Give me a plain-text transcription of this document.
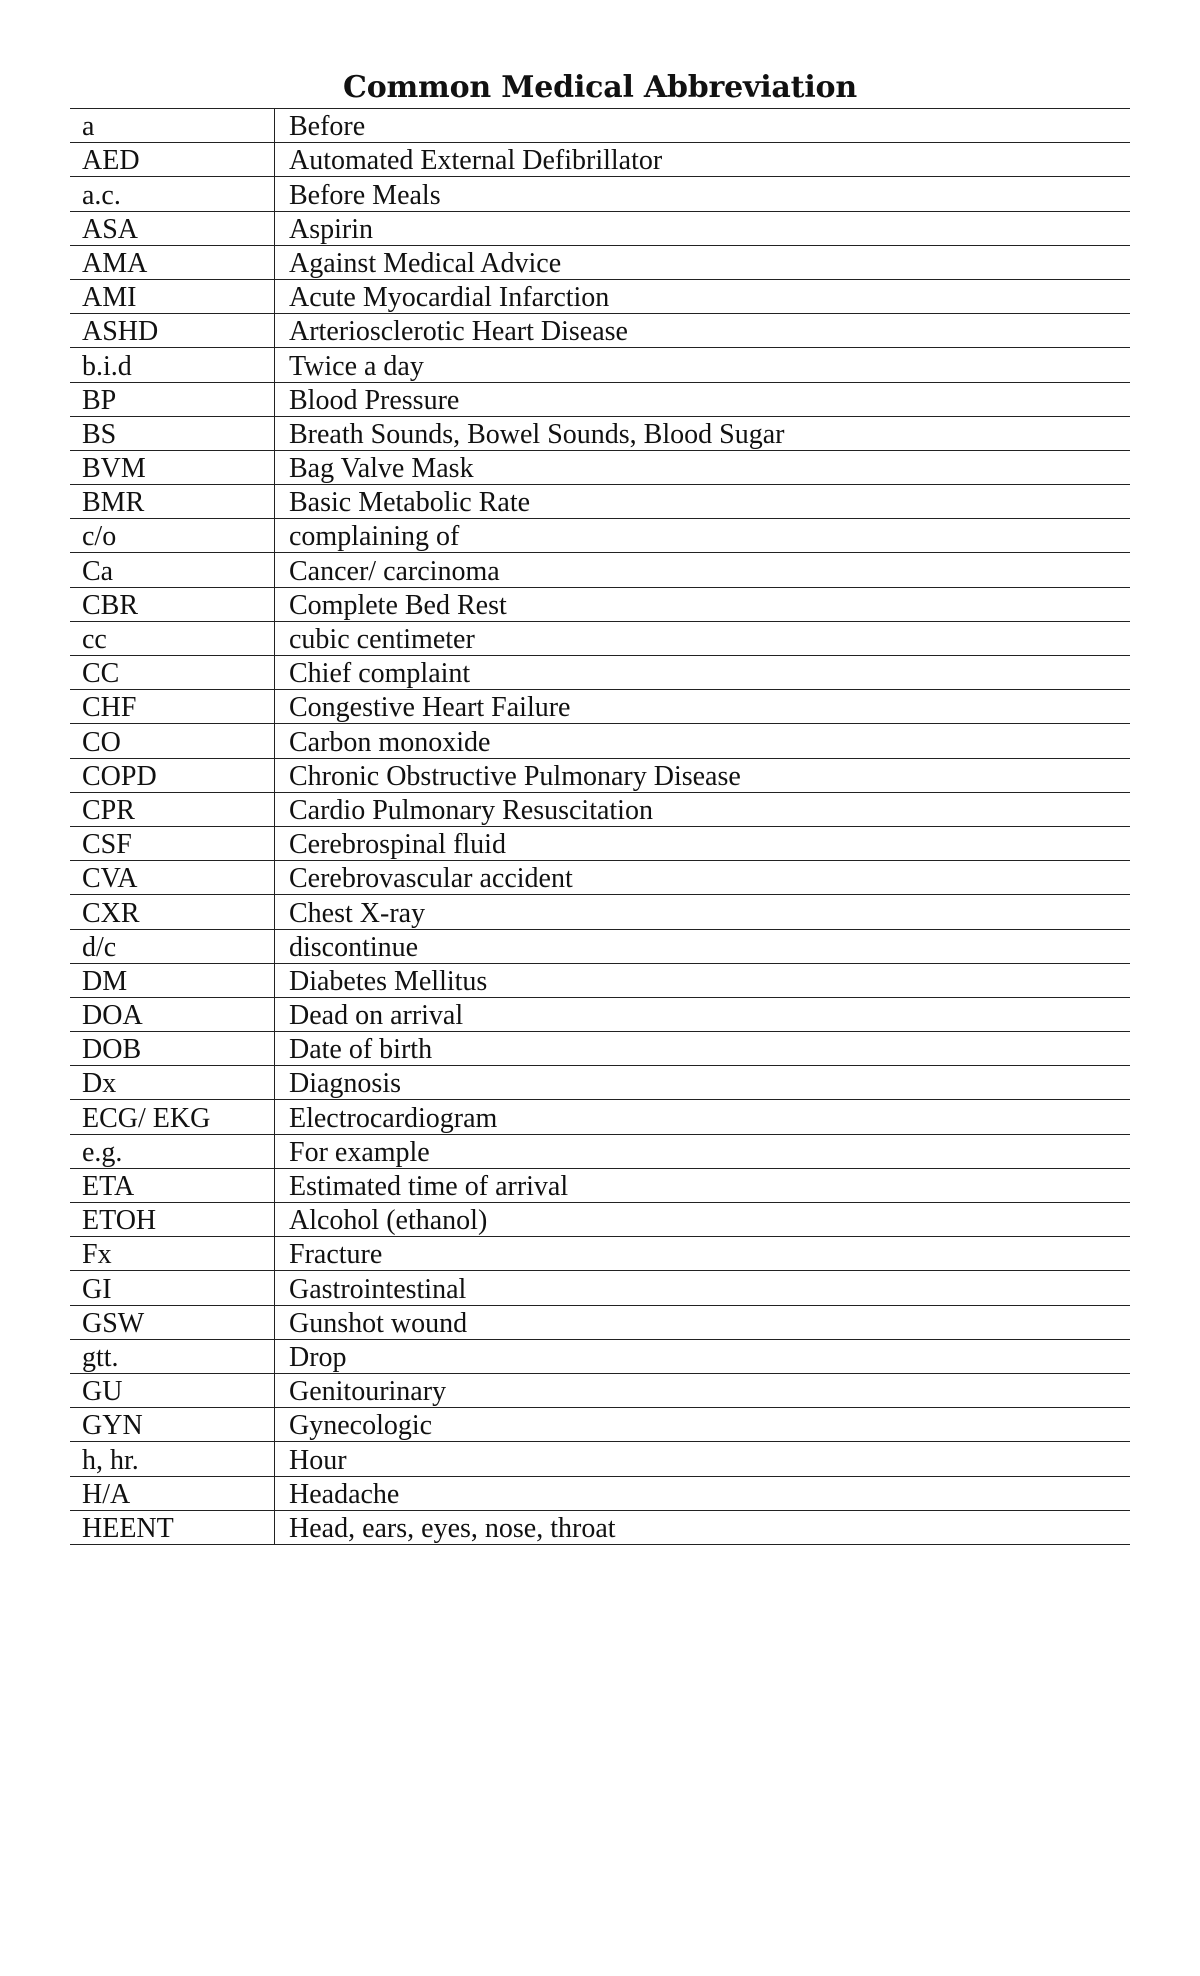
Common Medical Abbreviation
a	Before
AED	Automated External Defibrillator
a.c.	Before Meals
ASA	Aspirin
AMA	Against Medical Advice
AMI	Acute Myocardial Infarction
ASHD	Arteriosclerotic Heart Disease
b.i.d	Twice a day
BP	Blood Pressure
BS	Breath Sounds, Bowel Sounds, Blood Sugar
BVM	Bag Valve Mask
BMR	Basic Metabolic Rate
c/o	complaining of
Ca	Cancer/ carcinoma
CBR	Complete Bed Rest
cc	cubic centimeter
CC	Chief complaint
CHF	Congestive Heart Failure
CO	Carbon monoxide
COPD	Chronic Obstructive Pulmonary Disease
CPR	Cardio Pulmonary Resuscitation
CSF	Cerebrospinal fluid
CVA	Cerebrovascular accident
CXR	Chest X-ray
d/c	discontinue
DM	Diabetes Mellitus
DOA	Dead on arrival
DOB	Date of birth
Dx	Diagnosis
ECG/ EKG	Electrocardiogram
e.g.	For example
ETA	Estimated time of arrival
ETOH	Alcohol (ethanol)
Fx	Fracture
GI	Gastrointestinal
GSW	Gunshot wound
gtt.	Drop
GU	Genitourinary
GYN	Gynecologic
h, hr.	Hour
H/A	Headache
HEENT	Head, ears, eyes, nose, throat
